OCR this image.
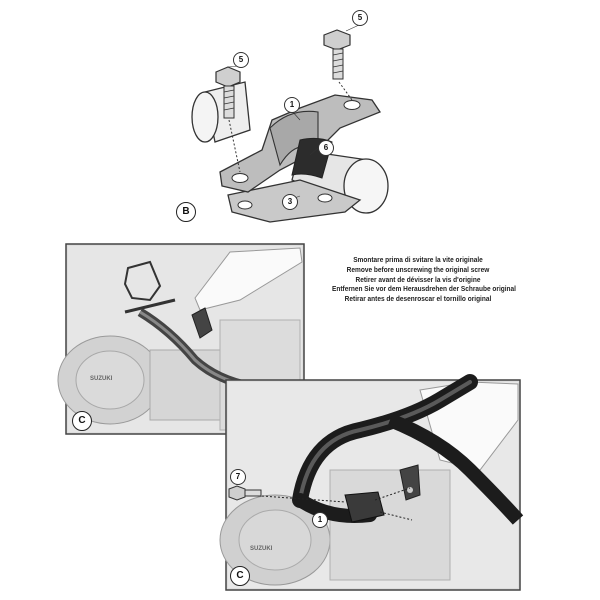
SUZUKI
SUZUKI
5
5
1
6
3
B
Smontare prima di svitare la vite originale
Remove before unscrewing the original screw
Retirer avant de dévisser la vis d'origine
Entfernen Sie vor dem Herausdrehen der Schraube original
Retirar antes de desenroscar el tornillo original
C
C
7
1
